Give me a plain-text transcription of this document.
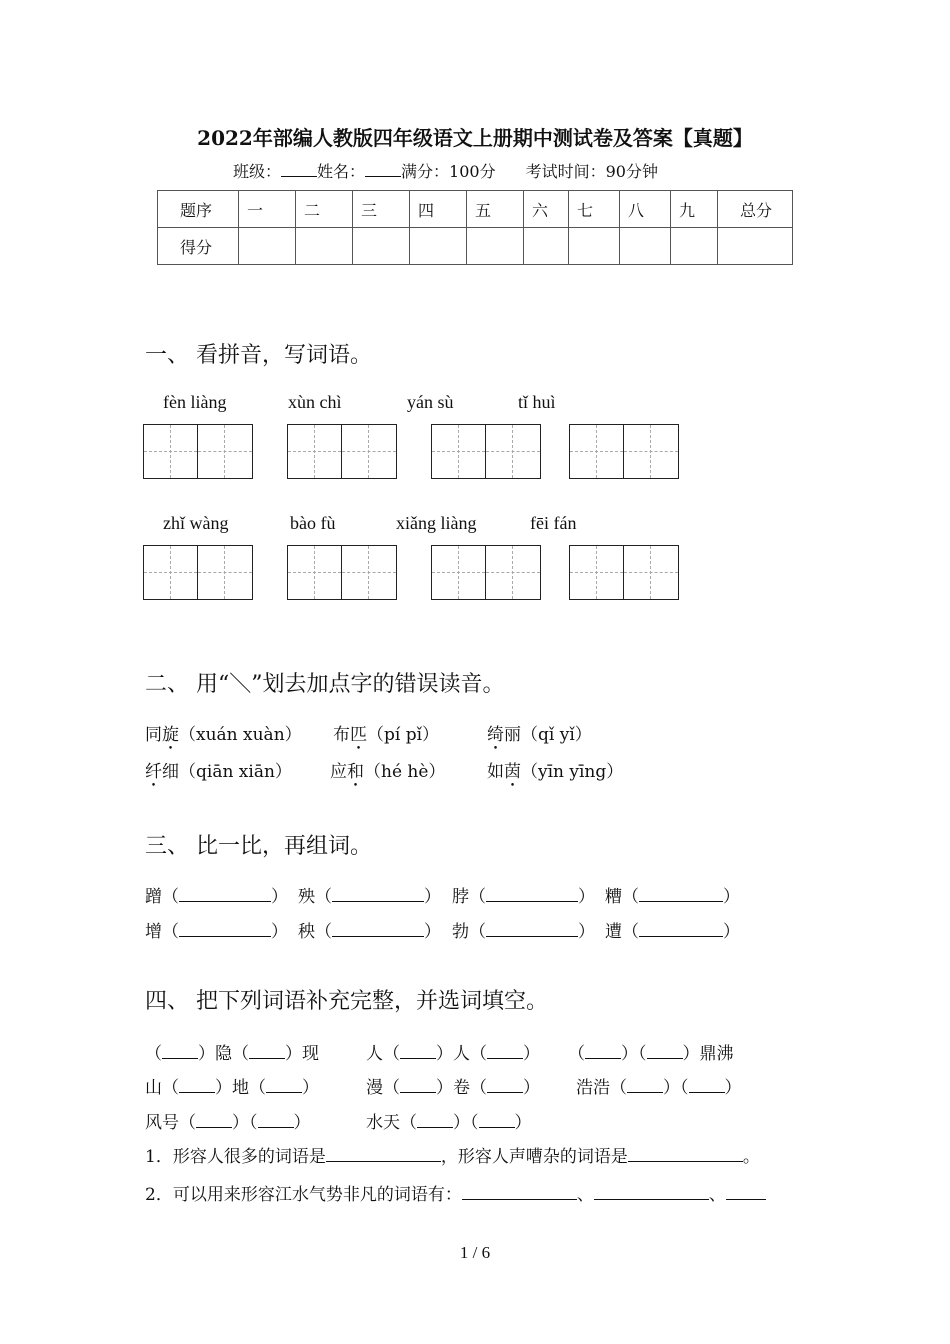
2022年部编人教版四年级语文上册期中测试卷及答案【真题】
班级： 姓名： 满分：100分 考试时间：90分钟
题序	一	二	三	四	五	六	七	八	九	总分
得分										
一、 看拼音，写词语。
fèn liàng	xùn chì	yán sù	tǐ huì
zhǐ wàng	bào fù	xiǎng liàng	fēi fán
二、 用“＼”划去加点字的错误读音。
同旋（xuán xuàn） 布匹（pí pǐ）	绮丽（qǐ yǐ）
纤细（qiān xiān） 应和（hé hè） 如茵（yīn yīng）
三、 比一比，再组词。
蹭（	） 殃（	） 脖（	） 糟（	）
增（	） 秧（	） 勃（	） 遭（	）
四、 把下列词语补充完整，并选词填空。
（ ）隐（ ）现	人（ ）人（ ） （ ）（ ）鼎沸
山（ ）地（ ）	漫（ ）卷（ ） 浩浩（ ）（ ）
风号（ ）（ ）	水天（ ）（ ）
1．形容人很多的词语是	，形容人声嘈杂的词语是	。
2．可以用来形容江水气势非凡的词语有：	、	、
1 / 6
